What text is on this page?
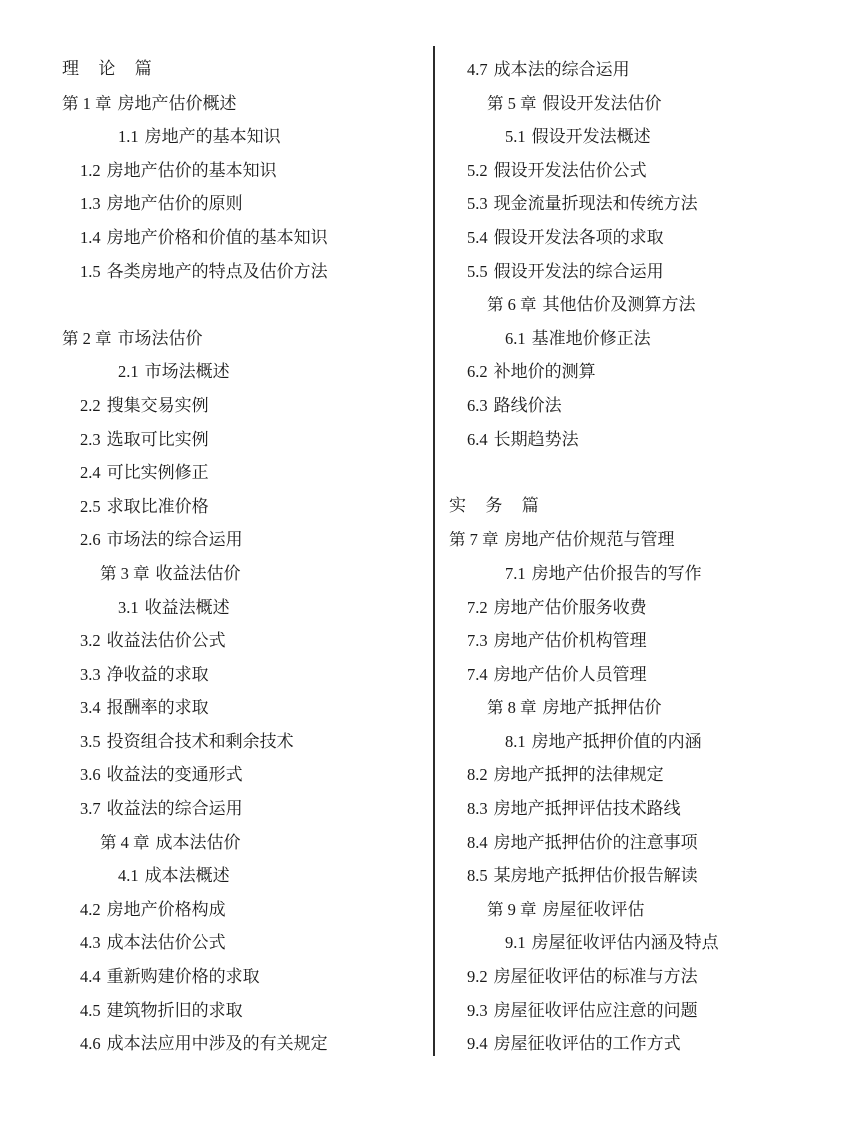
理 论 篇
第 1 章 房地产估价概述
1.1 房地产的基本知识
1.2 房地产估价的基本知识
1.3 房地产估价的原则
1.4 房地产价格和价值的基本知识
1.5 各类房地产的特点及估价方法
第 2 章 市场法估价
2.1 市场法概述
2.2 搜集交易实例
2.3 选取可比实例
2.4 可比实例修正
2.5 求取比准价格
2.6 市场法的综合运用
第 3 章 收益法估价
3.1 收益法概述
3.2 收益法估价公式
3.3 净收益的求取
3.4 报酬率的求取
3.5 投资组合技术和剩余技术
3.6 收益法的变通形式
3.7 收益法的综合运用
第 4 章 成本法估价
4.1 成本法概述
4.2 房地产价格构成
4.3 成本法估价公式
4.4 重新购建价格的求取
4.5 建筑物折旧的求取
4.6 成本法应用中涉及的有关规定
4.7 成本法的综合运用
第 5 章 假设开发法估价
5.1 假设开发法概述
5.2 假设开发法估价公式
5.3 现金流量折现法和传统方法
5.4 假设开发法各项的求取
5.5 假设开发法的综合运用
第 6 章 其他估价及测算方法
6.1 基准地价修正法
6.2 补地价的测算
6.3 路线价法
6.4 长期趋势法
实 务 篇
第 7 章 房地产估价规范与管理
7.1 房地产估价报告的写作
7.2 房地产估价服务收费
7.3 房地产估价机构管理
7.4 房地产估价人员管理
第 8 章 房地产抵押估价
8.1 房地产抵押价值的内涵
8.2 房地产抵押的法律规定
8.3 房地产抵押评估技术路线
8.4 房地产抵押估价的注意事项
8.5 某房地产抵押估价报告解读
第 9 章 房屋征收评估
9.1 房屋征收评估内涵及特点
9.2 房屋征收评估的标准与方法
9.3 房屋征收评估应注意的问题
9.4 房屋征收评估的工作方式
